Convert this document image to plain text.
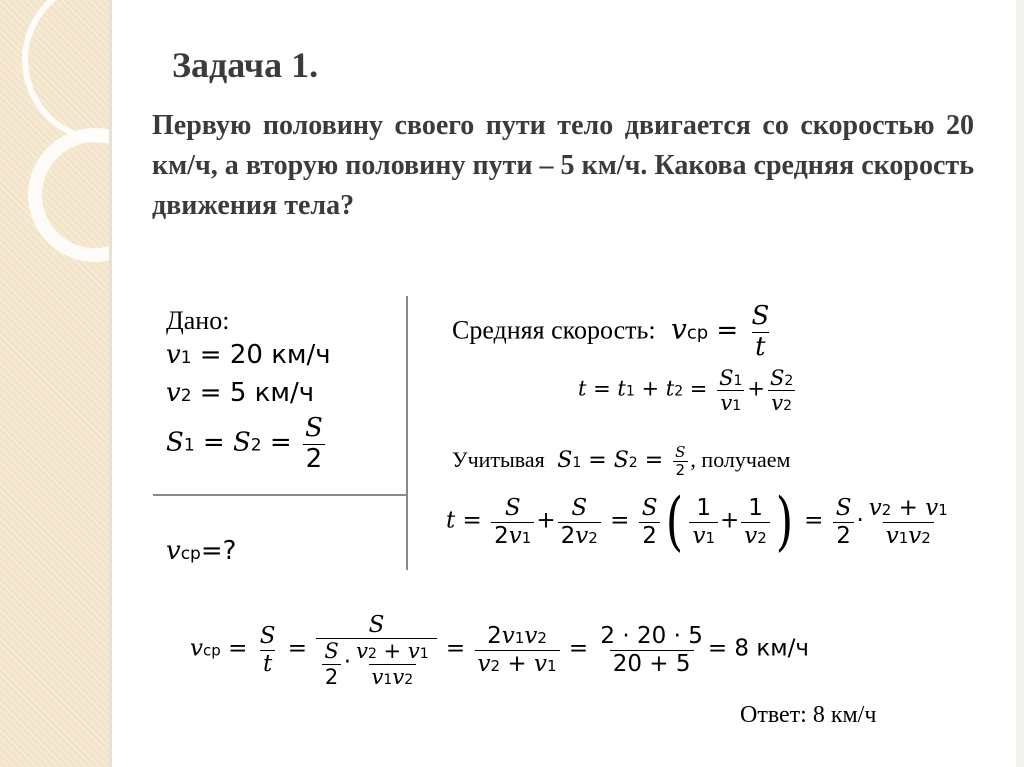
Задача 1.
Первую половину своего пути тело двигается со скоростью 20 км/ч, а вторую половину пути – 5 км/ч. Какова средняя скорость движения тела?
Дано:
v1 = 20 км/ч
v2 = 5 км/ч
$S1 = S2 = \frac{S}{2}$
vср=?
Средняя скорость:  vср = $\frac{S}{t}$
$t = t1 + t2 = \frac{S1}{v1} + \frac{S2}{v2}$
Учитывая  $S1 = S2 = \frac{S}{2}$ , получаем
$t = \frac{S}{2v1} + \frac{S}{2v2} = \frac{S}{2}$ ( $\frac{1}{v1} + \frac{1}{v2}$ ) = $\frac{S}{2} \cdot \frac{v2 + v1}{v1v2}$
vср = $\frac{S}{t} = \frac{S}{\frac{S}{2} \cdot \frac{v2 + v1}{v1v2}} = \frac{2v1v2}{v2 + v1} = \frac{2 \cdot 20 \cdot 5}{20 + 5} = 8$ км/ч
Ответ: 8 км/ч
